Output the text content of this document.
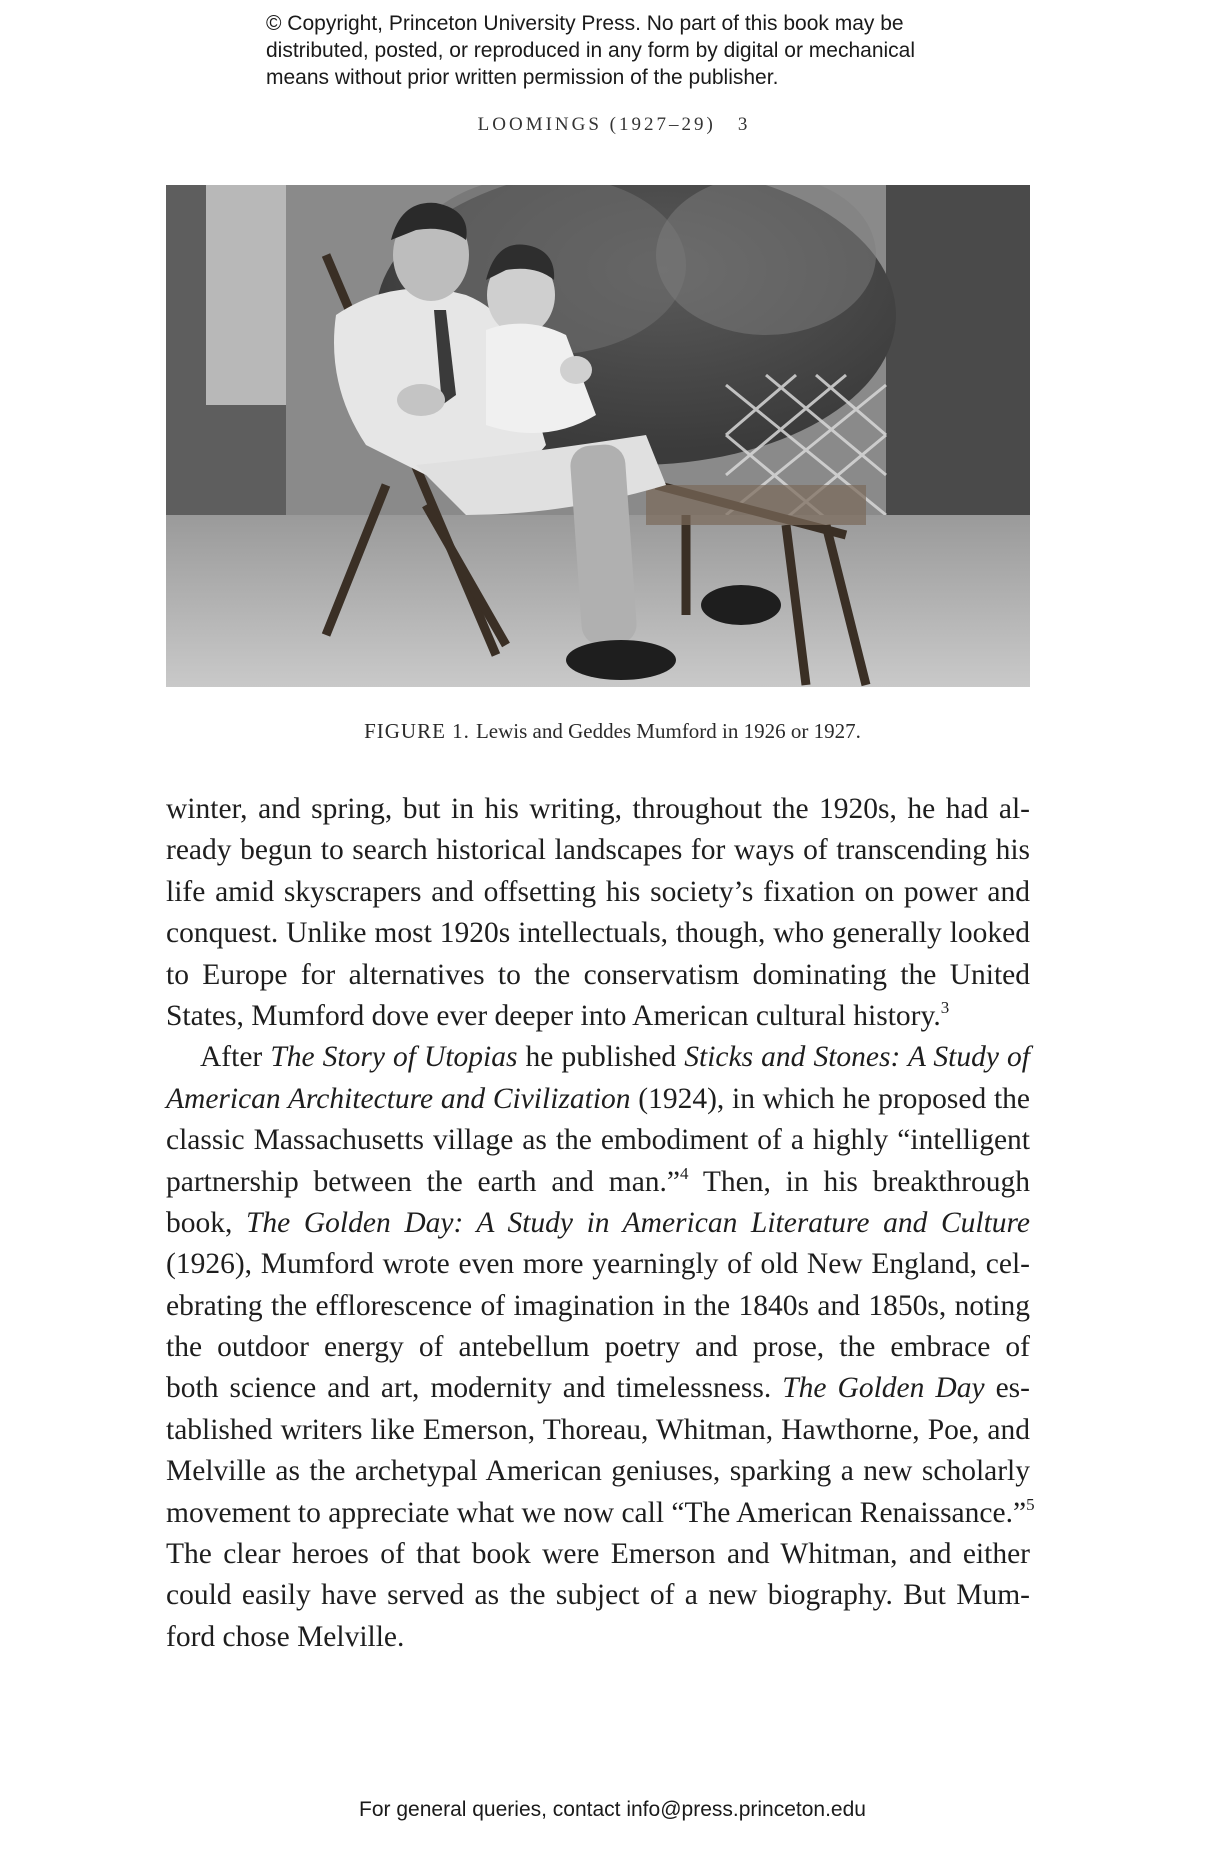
© Copyright, Princeton University Press. No part of this book may be
distributed, posted, or reproduced in any form by digital or mechanical
means without prior written permission of the publisher.
LOOMINGS (1927–29) 3
FIGURE 1. Lewis and Geddes Mumford in 1926 or 1927.
winter, and spring, but in his writing, throughout the 1920s, he had al-
ready begun to search historical landscapes for ways of transcending his
life amid skyscrapers and offsetting his society’s fixation on power and
conquest. Unlike most 1920s intellectuals, though, who generally looked
to Europe for alternatives to the conservatism dominating the United
States, Mumford dove ever deeper into American cultural history.$^3$
After The Story of Utopias he published Sticks and Stones: A Study of
American Architecture and Civilization (1924), in which he proposed the
classic Massachusetts village as the embodiment of a highly “intelligent
partnership between the earth and man.”$^4$ Then, in his breakthrough
book, The Golden Day: A Study in American Literature and Culture
(1926), Mumford wrote even more yearningly of old New England, cel-
ebrating the efflorescence of imagination in the 1840s and 1850s, noting
the outdoor energy of antebellum poetry and prose, the embrace of
both science and art, modernity and timelessness. The Golden Day es-
tablished writers like Emerson, Thoreau, Whitman, Hawthorne, Poe, and
Melville as the archetypal American geniuses, sparking a new scholarly
movement to appreciate what we now call “The American Renaissance.”$^5$
The clear heroes of that book were Emerson and Whitman, and either
could easily have served as the subject of a new biography. But Mum-
ford chose Melville.
For general queries, contact info@press.princeton.edu
